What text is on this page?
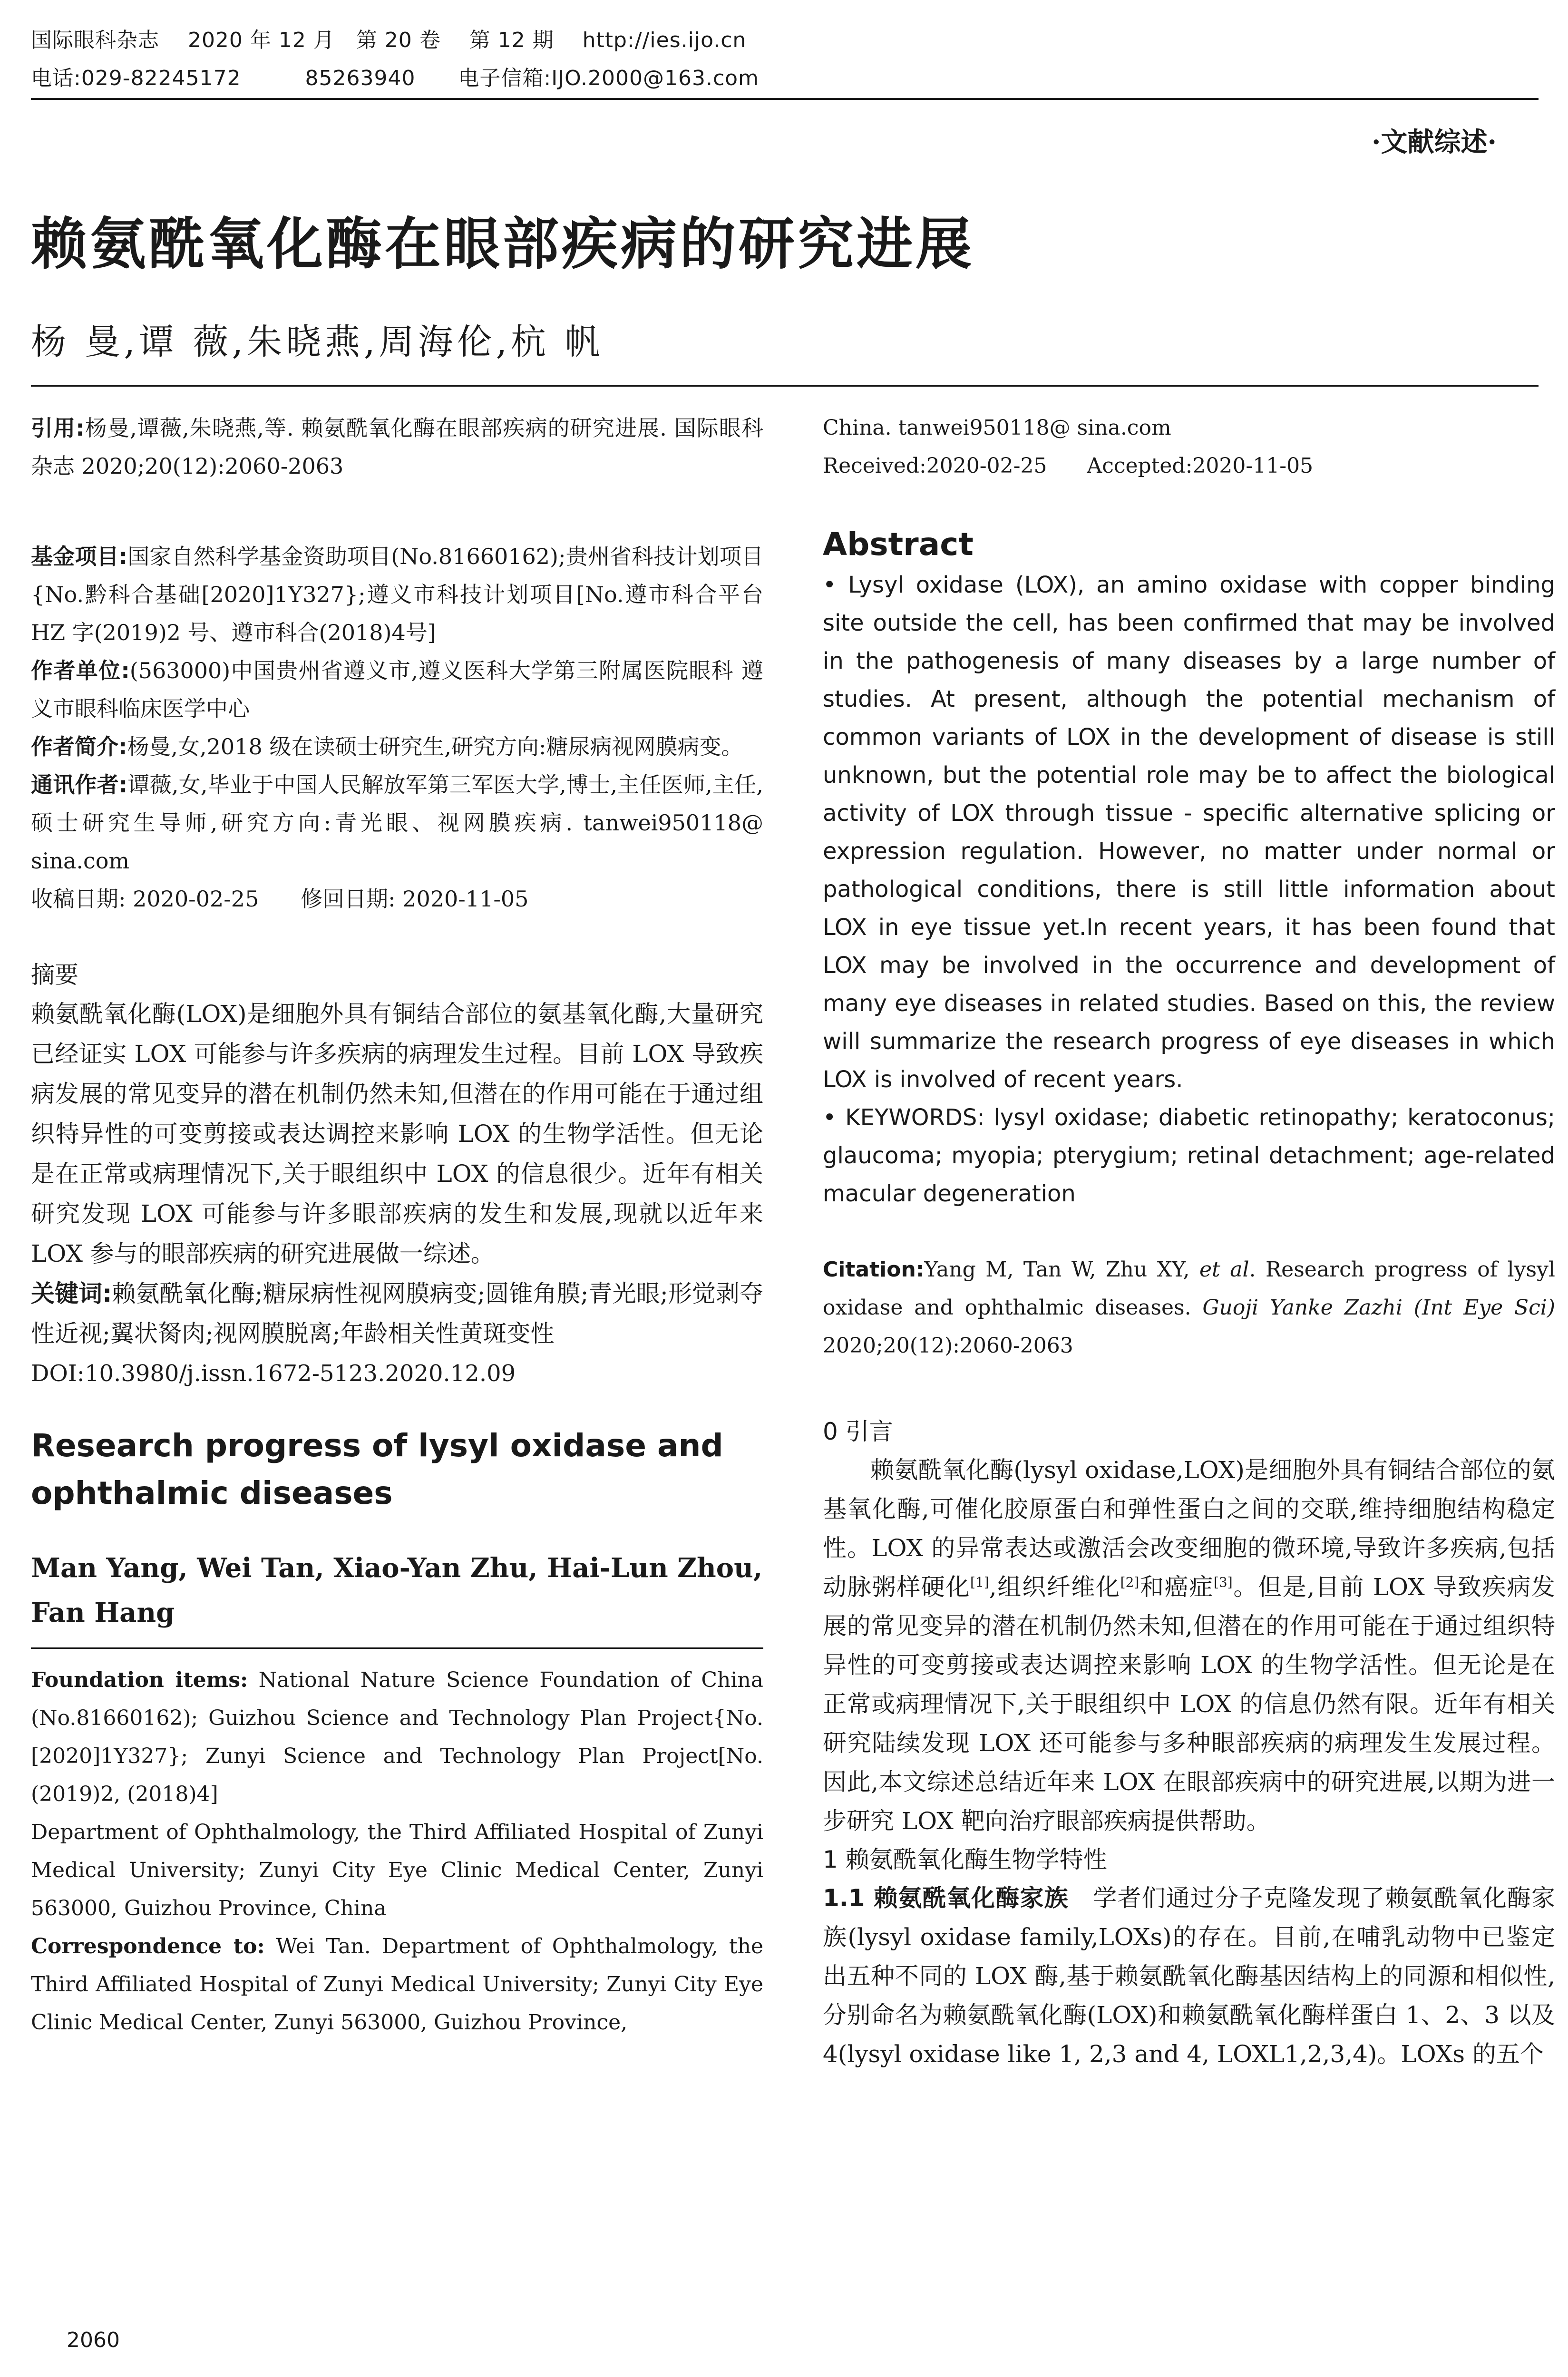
国际眼科杂志    2020 年 12 月   第 20 卷    第 12 期    http://ies.ijo.cn
电话:029-82245172         85263940      电子信箱:IJO.2000@163.com
·文献综述·
赖氨酰氧化酶在眼部疾病的研究进展
杨 曼,谭 薇,朱晓燕,周海伦,杭 帆

引用:杨曼,谭薇,朱晓燕,等. 赖氨酰氧化酶在眼部疾病的研究进展. 国际眼科杂志 2020;20(12):2060-2063

基金项目:国家自然科学基金资助项目(No.81660162);贵州省科技计划项目{No.黔科合基础[2020]1Y327};遵义市科技计划项目[No.遵市科合平台 HZ 字(2019)2 号、遵市科合(2018)4号]

作者单位:(563000)中国贵州省遵义市,遵义医科大学第三附属医院眼科 遵义市眼科临床医学中心

作者简介:杨曼,女,2018 级在读硕士研究生,研究方向:糖尿病视网膜病变。

通讯作者:谭薇,女,毕业于中国人民解放军第三军医大学,博士,主任医师,主任,硕士研究生导师,研究方向:青光眼、视网膜疾病. tanwei950118@ sina.com

收稿日期: 2020-02-25      修回日期: 2020-11-05

摘要

赖氨酰氧化酶(LOX)是细胞外具有铜结合部位的氨基氧化酶,大量研究已经证实 LOX 可能参与许多疾病的病理发生过程。目前 LOX 导致疾病发展的常见变异的潜在机制仍然未知,但潜在的作用可能在于通过组织特异性的可变剪接或表达调控来影响 LOX 的生物学活性。但无论是在正常或病理情况下,关于眼组织中 LOX 的信息很少。近年有相关研究发现 LOX 可能参与许多眼部疾病的发生和发展,现就以近年来 LOX 参与的眼部疾病的研究进展做一综述。

关键词:赖氨酰氧化酶;糖尿病性视网膜病变;圆锥角膜;青光眼;形觉剥夺性近视;翼状胬肉;视网膜脱离;年龄相关性黄斑变性

DOI:10.3980/j.issn.1672-5123.2020.12.09

Research progress of lysyl oxidase and ophthalmic diseases

Man Yang, Wei Tan, Xiao-Yan Zhu, Hai-Lun Zhou, Fan Hang

Foundation items: National Nature Science Foundation of China (No.81660162); Guizhou Science and Technology Plan Project{No.[2020]1Y327}; Zunyi Science and Technology Plan Project[No.(2019)2, (2018)4]

Department of Ophthalmology, the Third Affiliated Hospital of Zunyi Medical University; Zunyi City Eye Clinic Medical Center, Zunyi 563000, Guizhou Province, China

Correspondence to: Wei Tan. Department of Ophthalmology, the Third Affiliated Hospital of Zunyi Medical University; Zunyi City Eye Clinic Medical Center, Zunyi 563000, Guizhou Province,

China. tanwei950118@ sina.com

Received:2020-02-25      Accepted:2020-11-05

Abstract

• Lysyl oxidase (LOX), an amino oxidase with copper binding site outside the cell, has been confirmed that may be involved in the pathogenesis of many diseases by a large number of studies. At present, although the potential mechanism of common variants of LOX in the development of disease is still unknown, but the potential role may be to affect the biological activity of LOX through tissue - specific alternative splicing or expression regulation. However, no matter under normal or pathological conditions, there is still little information about LOX in eye tissue yet.In recent years, it has been found that LOX may be involved in the occurrence and development of many eye diseases in related studies. Based on this, the review will summarize the research progress of eye diseases in which LOX is involved of recent years.

• KEYWORDS: lysyl oxidase; diabetic retinopathy; keratoconus; glaucoma; myopia; pterygium; retinal detachment; age-related macular degeneration

Citation:Yang M, Tan W, Zhu XY, et al. Research progress of lysyl oxidase and ophthalmic diseases. Guoji Yanke Zazhi (Int Eye Sci) 2020;20(12):2060-2063

0 引言

赖氨酰氧化酶(lysyl oxidase,LOX)是细胞外具有铜结合部位的氨基氧化酶,可催化胶原蛋白和弹性蛋白之间的交联,维持细胞结构稳定性。LOX 的异常表达或激活会改变细胞的微环境,导致许多疾病,包括动脉粥样硬化[1],组织纤维化[2]和癌症[3]。但是,目前 LOX 导致疾病发展的常见变异的潜在机制仍然未知,但潜在的作用可能在于通过组织特异性的可变剪接或表达调控来影响 LOX 的生物学活性。但无论是在正常或病理情况下,关于眼组织中 LOX 的信息仍然有限。近年有相关研究陆续发现 LOX 还可能参与多种眼部疾病的病理发生发展过程。因此,本文综述总结近年来 LOX 在眼部疾病中的研究进展,以期为进一步研究 LOX 靶向治疗眼部疾病提供帮助。

1 赖氨酰氧化酶生物学特性

1.1 赖氨酰氧化酶家族 学者们通过分子克隆发现了赖氨酰氧化酶家族(lysyl oxidase family,LOXs)的存在。目前,在哺乳动物中已鉴定出五种不同的 LOX 酶,基于赖氨酰氧化酶基因结构上的同源和相似性,分别命名为赖氨酰氧化酶(LOX)和赖氨酰氧化酶样蛋白 1、2、3 以及 4(lysyl oxidase like 1, 2,3 and 4, LOXL1,2,3,4)。LOXs 的五个

2060
